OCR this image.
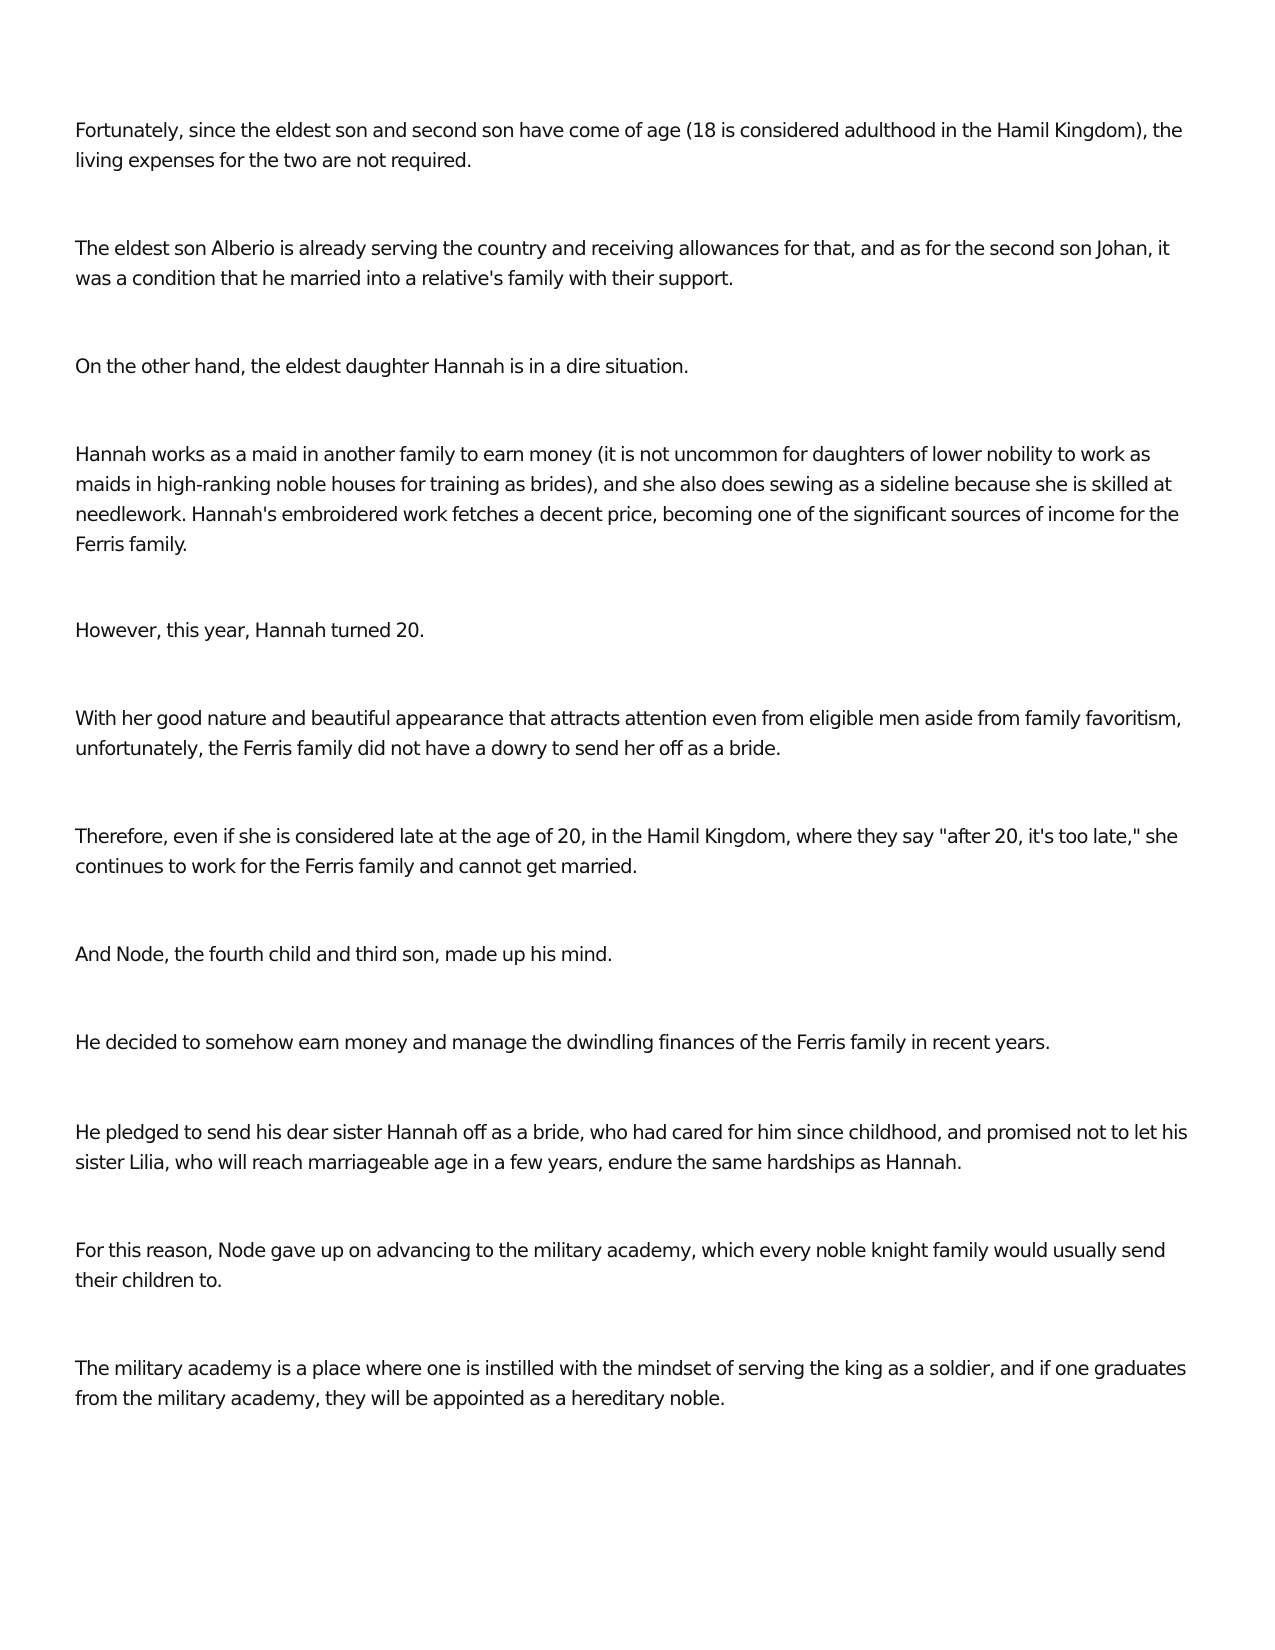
Fortunately, since the eldest son and second son have come of age (18 is considered adulthood in the Hamil Kingdom), the living expenses for the two are not required.

The eldest son Alberio is already serving the country and receiving allowances for that, and as for the second son Johan, it was a condition that he married into a relative's family with their support.

On the other hand, the eldest daughter Hannah is in a dire situation.

Hannah works as a maid in another family to earn money (it is not uncommon for daughters of lower nobility to work as maids in high-ranking noble houses for training as brides), and she also does sewing as a sideline because she is skilled at needlework. Hannah's embroidered work fetches a decent price, becoming one of the significant sources of income for the Ferris family.

However, this year, Hannah turned 20.

With her good nature and beautiful appearance that attracts attention even from eligible men aside from family favoritism, unfortunately, the Ferris family did not have a dowry to send her off as a bride.

Therefore, even if she is considered late at the age of 20, in the Hamil Kingdom, where they say "after 20, it's too late," she continues to work for the Ferris family and cannot get married.

And Node, the fourth child and third son, made up his mind.

He decided to somehow earn money and manage the dwindling finances of the Ferris family in recent years.

He pledged to send his dear sister Hannah off as a bride, who had cared for him since childhood, and promised not to let his sister Lilia, who will reach marriageable age in a few years, endure the same hardships as Hannah.

For this reason, Node gave up on advancing to the military academy, which every noble knight family would usually send their children to.

The military academy is a place where one is instilled with the mindset of serving the king as a soldier, and if one graduates from the military academy, they will be appointed as a hereditary noble.
